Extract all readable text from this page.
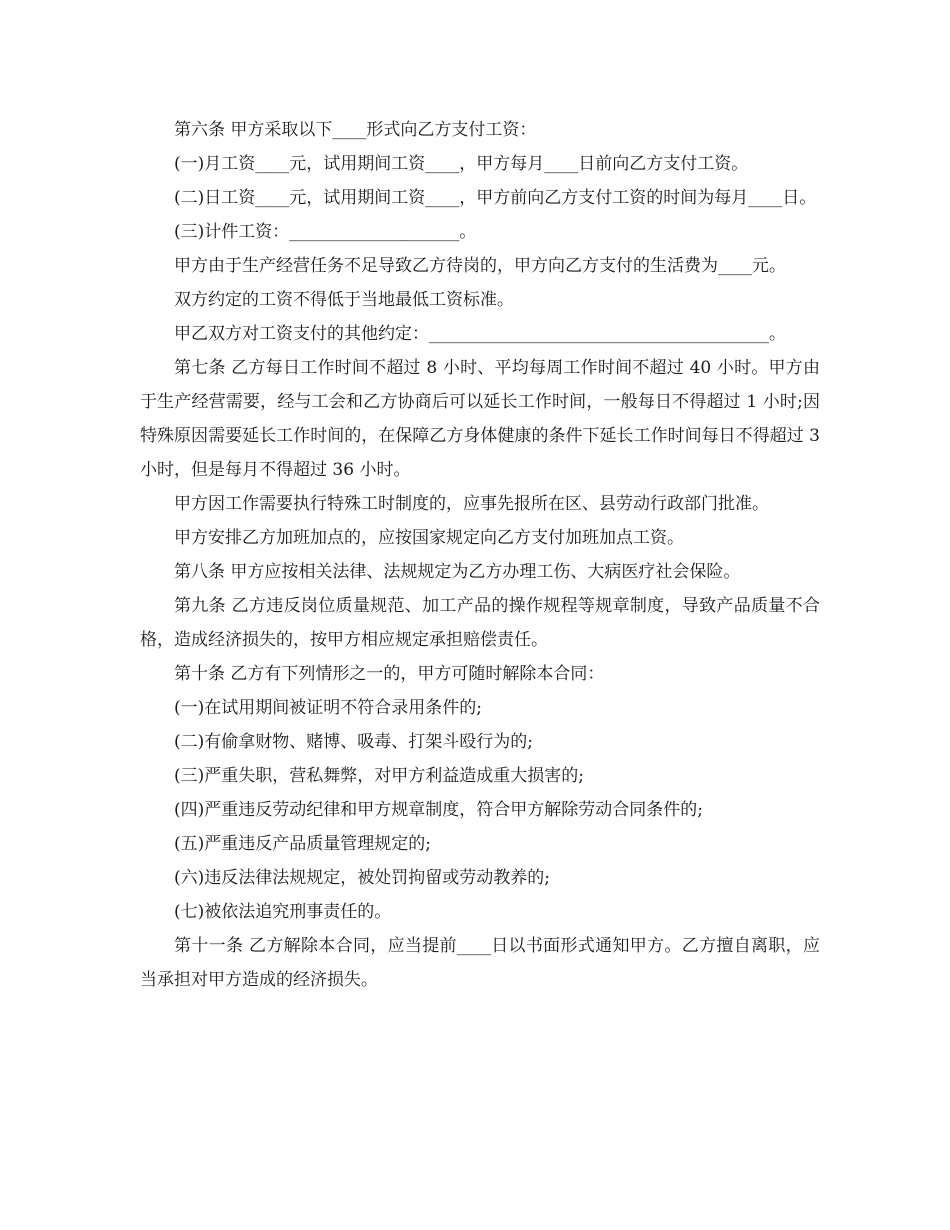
第六条 甲方采取以下____形式向乙方支付工资：

(一)月工资____元，试用期间工资____，甲方每月____日前向乙方支付工资。

(二)日工资____元，试用期间工资____，甲方前向乙方支付工资的时间为每月____日。

(三)计件工资：____________________。

甲方由于生产经营任务不足导致乙方待岗的，甲方向乙方支付的生活费为____元。

双方约定的工资不得低于当地最低工资标准。

甲乙双方对工资支付的其他约定：________________________________________。

第七条 乙方每日工作时间不超过 8 小时、平均每周工作时间不超过 40 小时。甲方由于生产经营需要，经与工会和乙方协商后可以延长工作时间，一般每日不得超过 1 小时;因特殊原因需要延长工作时间的，在保障乙方身体健康的条件下延长工作时间每日不得超过 3 小时，但是每月不得超过 36 小时。

甲方因工作需要执行特殊工时制度的，应事先报所在区、县劳动行政部门批准。

甲方安排乙方加班加点的，应按国家规定向乙方支付加班加点工资。

第八条 甲方应按相关法律、法规规定为乙方办理工伤、大病医疗社会保险。

第九条 乙方违反岗位质量规范、加工产品的操作规程等规章制度，导致产品质量不合格，造成经济损失的，按甲方相应规定承担赔偿责任。

第十条 乙方有下列情形之一的，甲方可随时解除本合同：

(一)在试用期间被证明不符合录用条件的;

(二)有偷拿财物、赌博、吸毒、打架斗殴行为的;

(三)严重失职，营私舞弊，对甲方利益造成重大损害的;

(四)严重违反劳动纪律和甲方规章制度，符合甲方解除劳动合同条件的;

(五)严重违反产品质量管理规定的;

(六)违反法律法规规定，被处罚拘留或劳动教养的;

(七)被依法追究刑事责任的。

第十一条 乙方解除本合同，应当提前____日以书面形式通知甲方。乙方擅自离职，应当承担对甲方造成的经济损失。
